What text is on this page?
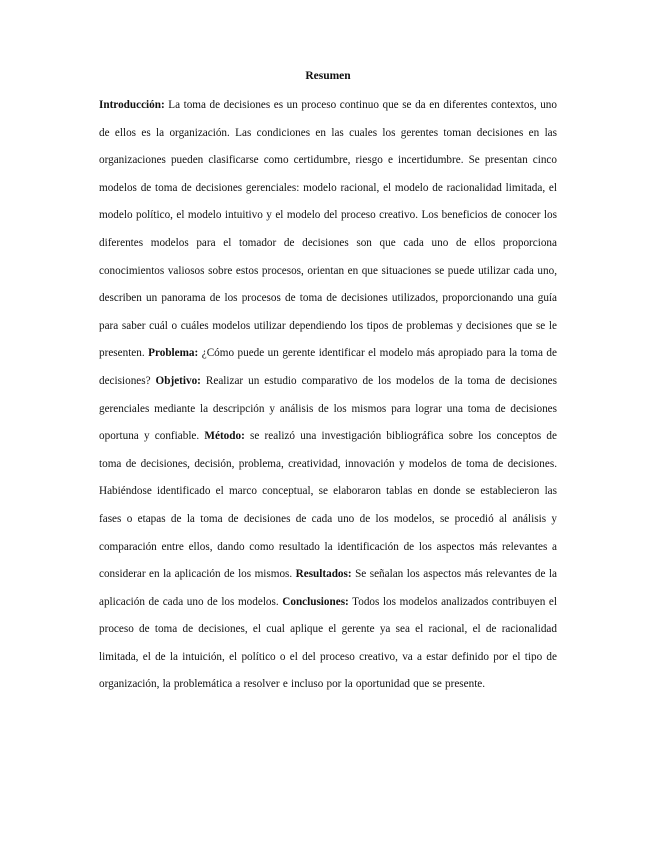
Resumen

Introducción: La toma de decisiones es un proceso continuo que se da en diferentes contextos, uno de ellos es la organización. Las condiciones en las cuales los gerentes toman decisiones en las organizaciones pueden clasificarse como certidumbre, riesgo e incertidumbre. Se presentan cinco modelos de toma de decisiones gerenciales: modelo racional, el modelo de racionalidad limitada, el modelo político, el modelo intuitivo y el modelo del proceso creativo. Los beneficios de conocer los diferentes modelos para el tomador de decisiones son que cada uno de ellos proporciona conocimientos valiosos sobre estos procesos, orientan en que situaciones se puede utilizar cada uno, describen un panorama de los procesos de toma de decisiones utilizados, proporcionando una guía para saber cuál o cuáles modelos utilizar dependiendo los tipos de problemas y decisiones que se le presenten. Problema: ¿Cómo puede un gerente identificar el modelo más apropiado para la toma de decisiones? Objetivo: Realizar un estudio comparativo de los modelos de la toma de decisiones gerenciales mediante la descripción y análisis de los mismos para lograr una toma de decisiones oportuna y confiable. Método: se realizó una investigación bibliográfica sobre los conceptos de toma de decisiones, decisión, problema, creatividad, innovación y modelos de toma de decisiones. Habiéndose identificado el marco conceptual, se elaboraron tablas en donde se establecieron las fases o etapas de la toma de decisiones de cada uno de los modelos, se procedió al análisis y comparación entre ellos, dando como resultado la identificación de los aspectos más relevantes a considerar en la aplicación de los mismos. Resultados: Se señalan los aspectos más relevantes de la aplicación de cada uno de los modelos. Conclusiones: Todos los modelos analizados contribuyen el proceso de toma de decisiones, el cual aplique el gerente ya sea el racional, el de racionalidad limitada, el de la intuición, el político o el del proceso creativo, va a estar definido por el tipo de organización, la problemática a resolver e incluso por la oportunidad que se presente.
